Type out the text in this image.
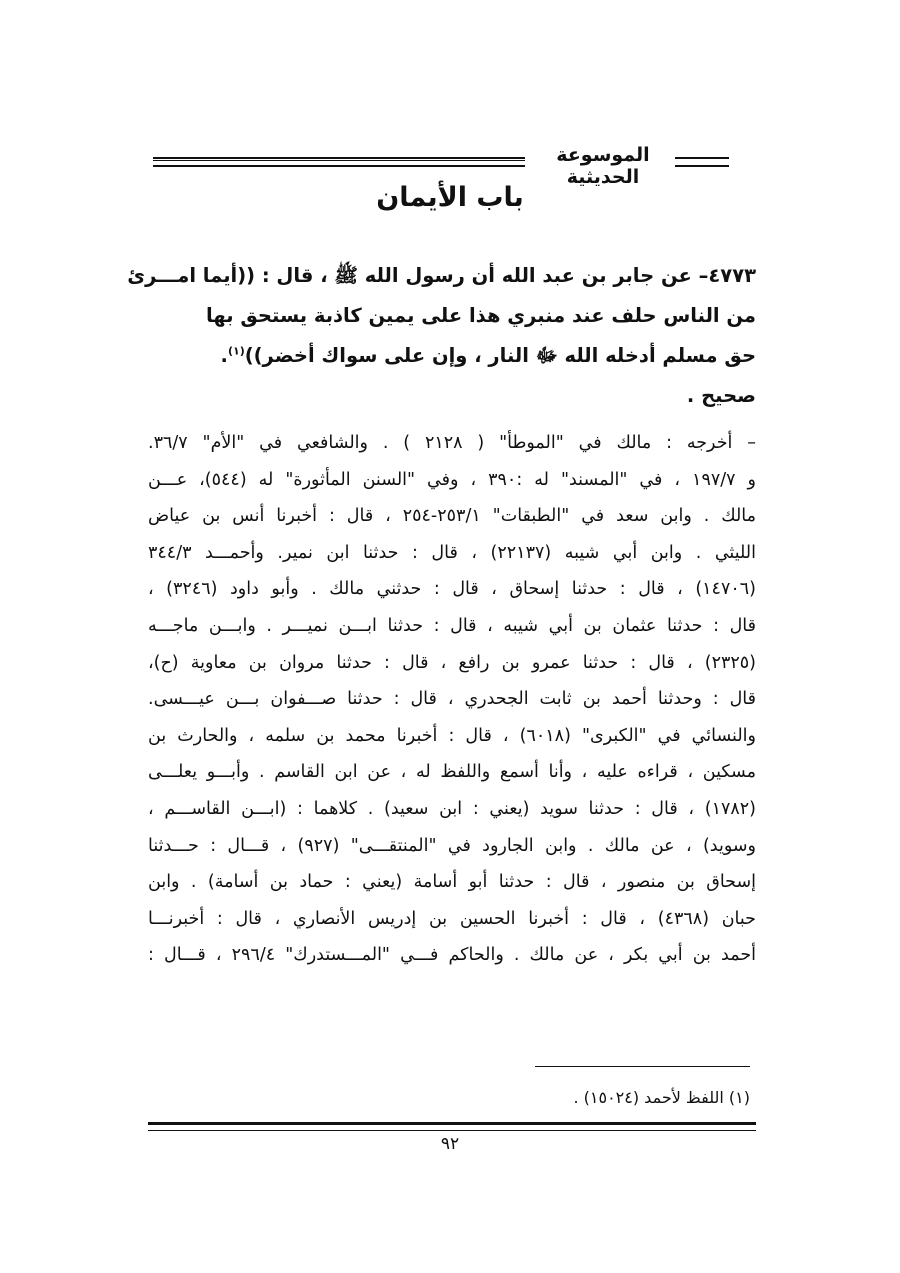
الموسوعة الحديثية
باب الأيمان
٤٧٧٣– عن جابر بن عبد الله أن رسول الله ﷺ ، قال : ((أيما امـــرئ
من الناس حلف عند منبري هذا على يمين كاذبة يستحق بها
حق مسلم أدخله الله ﷻ النار ، وإن على سواك أخضر))$^{(١)}$.
صحيح .
– أخرجه : مالك في "الموطأ" ( ٢١٢٨ ) . والشافعي في "الأم" ٣٦/٧.
و ١٩٧/٧ ، في "المسند" له :٣٩٠ ، وفي "السنن المأثورة" له (٥٤٤)، عـــن
مالك . وابن سعد في "الطبقات" ٢٥٣/١-٢٥٤ ، قال : أخبرنا أنس بن عياض
الليثي . وابن أبي شيبه (٢٢١٣٧) ، قال : حدثنا ابن نمير. وأحمـــد ٣٤٤/٣
(١٤٧٠٦) ، قال : حدثنا إسحاق ، قال : حدثني مالك . وأبو داود (٣٢٤٦) ،
قال : حدثنا عثمان بن أبي شيبه ، قال : حدثنا ابـــن نميـــر . وابـــن ماجـــه
(٢٣٢٥) ، قال : حدثنا عمرو بن رافع ، قال : حدثنا مروان بن معاوية (ح)،
قال : وحدثنا أحمد بن ثابت الجحدري ، قال : حدثنا صـــفوان بـــن عيـــسى.
والنسائي في "الكبرى" (٦٠١٨) ، قال : أخبرنا محمد بن سلمه ، والحارث بن
مسكين ، قراءه عليه ، وأنا أسمع واللفظ له ، عن ابن القاسم . وأبـــو يعلـــى
(١٧٨٢) ، قال : حدثنا سويد (يعني : ابن سعيد) . كلاهما : (ابـــن القاســـم ،
وسويد) ، عن مالك . وابن الجارود في "المنتقـــى" (٩٢٧) ، قـــال : حـــدثنا
إسحاق بن منصور ، قال : حدثنا أبو أسامة (يعني : حماد بن أسامة) . وابن
حبان (٤٣٦٨) ، قال : أخبرنا الحسين بن إدريس الأنصاري ، قال : أخبرنـــا
أحمد بن أبي بكر ، عن مالك . والحاكم فـــي "المـــستدرك" ٢٩٦/٤ ، قـــال :
(١) اللفظ لأحمد (١٥٠٢٤) .
٩٢
